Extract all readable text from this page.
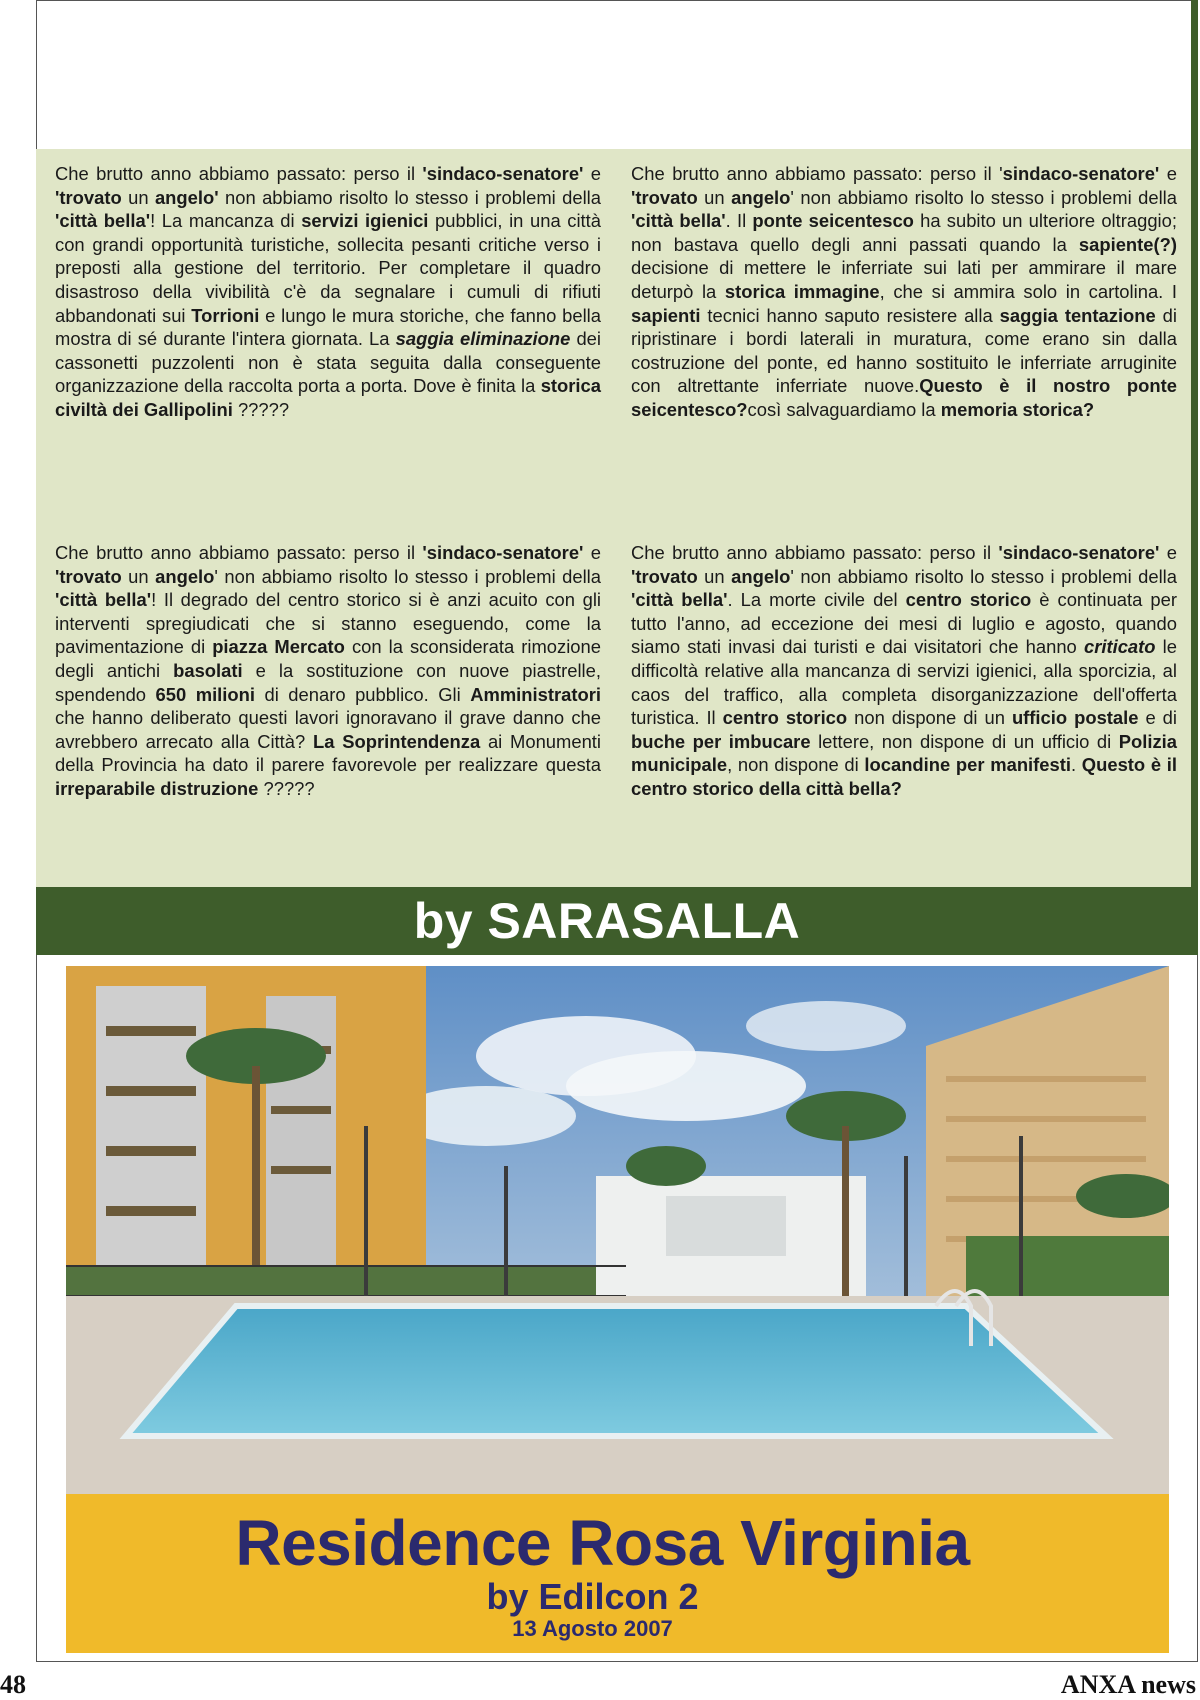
Che brutto anno abbiamo passato: perso il 'sindaco-senatore' e 'trovato un angelo' non abbiamo risolto lo stesso i problemi della 'città bella'! La mancanza di servizi igienici pubblici, in una città con grandi opportunità turistiche, sollecita pesanti critiche verso i preposti alla gestione del territorio. Per completare il quadro disastroso della vivibilità c'è da segnalare i cumuli di rifiuti abbandonati sui Torrioni e lungo le mura storiche, che fanno bella mostra di sé durante l'intera giornata. La saggia eliminazione dei cassonetti puzzolenti non è stata seguita dalla conseguente organizzazione della raccolta porta a porta. Dove è finita la storica civiltà dei Gallipolini ?????
Che brutto anno abbiamo passato: perso il 'sindaco-senatore' e 'trovato un angelo' non abbiamo risolto lo stesso i problemi della 'città bella'. Il ponte seicentesco ha subito un ulteriore oltraggio; non bastava quello degli anni passati quando la sapiente(?) decisione di mettere le inferriate sui lati per ammirare il mare deturpò la storica immagine, che si ammira solo in cartolina. I sapienti tecnici hanno saputo resistere alla saggia tentazione di ripristinare i bordi laterali in muratura, come erano sin dalla costruzione del ponte, ed hanno sostituito le inferriate arruginite con altrettante inferriate nuove.Questo è il nostro ponte seicentesco?così salvaguardiamo la memoria storica?
Che brutto anno abbiamo passato: perso il 'sindaco-senatore' e 'trovato un angelo' non abbiamo risolto lo stesso i problemi della 'città bella'! Il degrado del centro storico si è anzi acuito con gli interventi spregiudicati che si stanno eseguendo, come la pavimentazione di piazza Mercato con la sconsiderata rimozione degli antichi basolati e la sostituzione con nuove piastrelle, spendendo 650 milioni di denaro pubblico. Gli Amministratori che hanno deliberato questi lavori ignoravano il grave danno che avrebbero arrecato alla Città? La Soprintendenza ai Monumenti della Provincia ha dato il parere favorevole per realizzare questa irreparabile distruzione ?????
Che brutto anno abbiamo passato: perso il 'sindaco-senatore' e 'trovato un angelo' non abbiamo risolto lo stesso i problemi della 'città bella'. La morte civile del centro storico è continuata per tutto l'anno, ad eccezione dei mesi di luglio e agosto, quando siamo stati invasi dai turisti e dai visitatori che hanno criticato le difficoltà relative alla mancanza di servizi igienici, alla sporcizia, al caos del traffico, alla completa disorganizzazione dell'offerta turistica. Il centro storico non dispone di un ufficio postale e di buche per imbucare lettere, non dispone di un ufficio di Polizia municipale, non dispone di locandine per manifesti. Questo è il centro storico della città bella?
by SARASALLA
Residence Rosa Virginia
by Edilcon 2
13 Agosto 2007
48	ANXA news
